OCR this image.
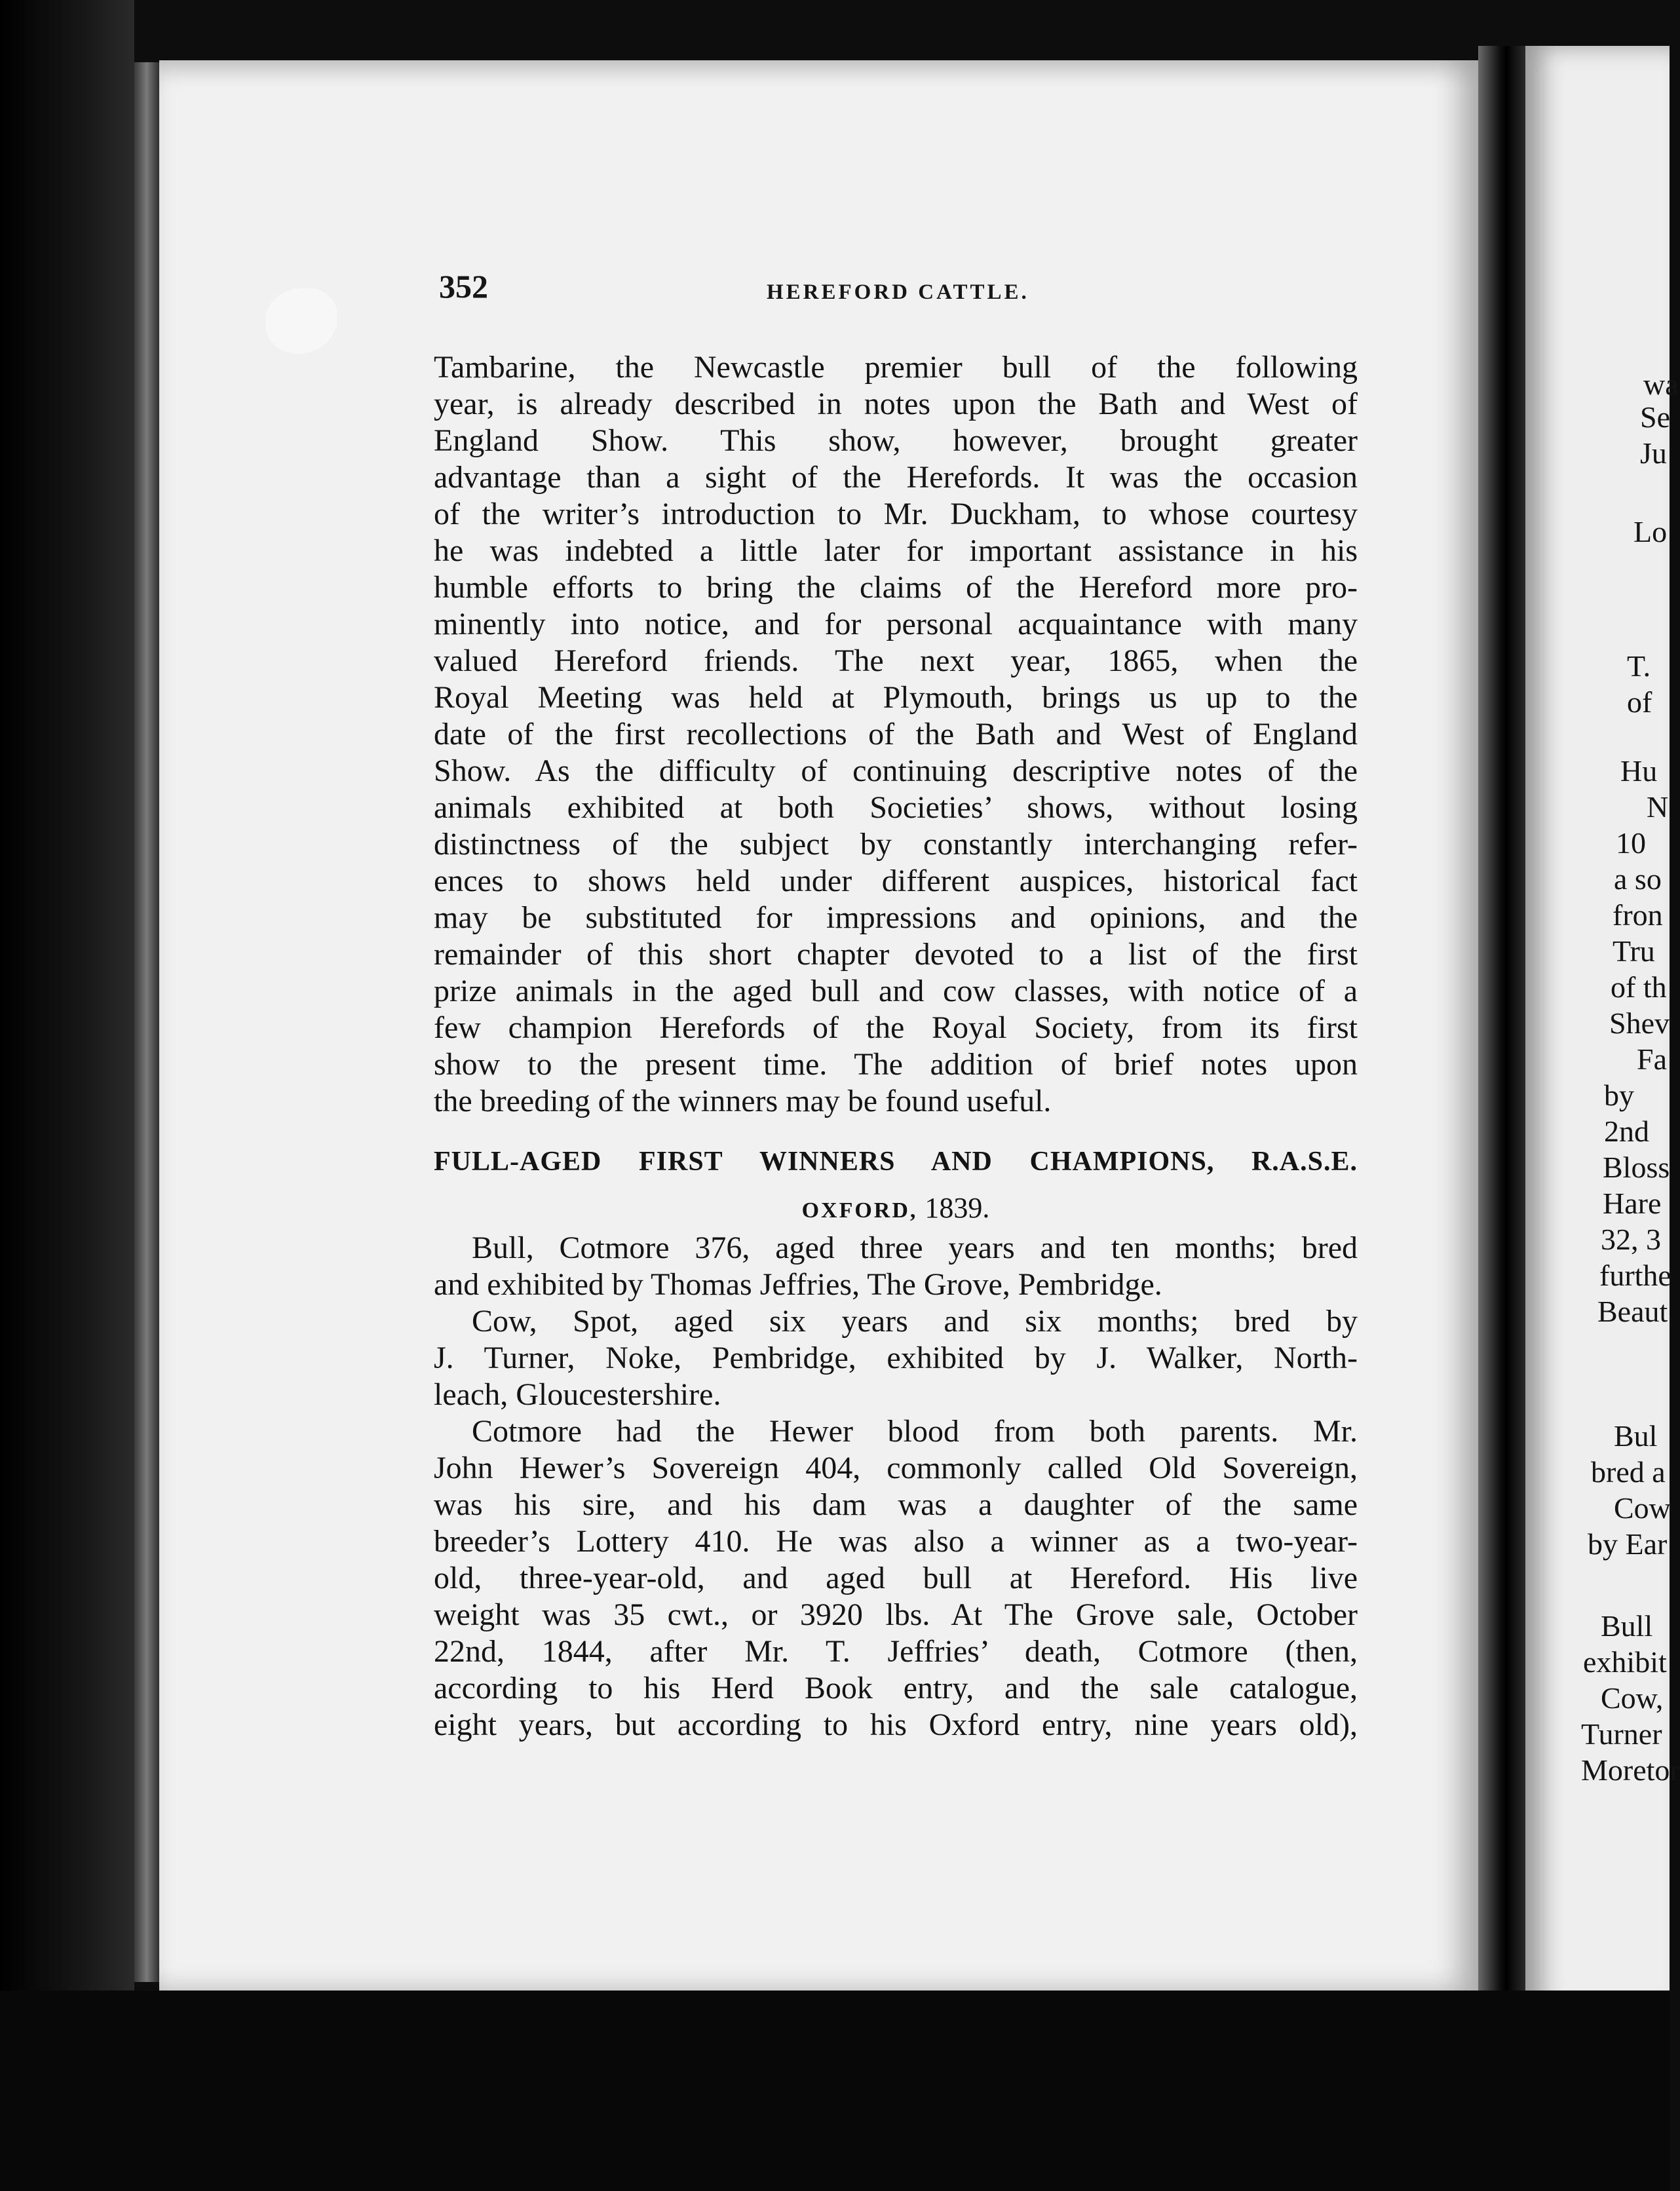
352	HEREFORD CATTLE.
Tambarine, the Newcastle premier bull of the following
year, is already described in notes upon the Bath and West of
England Show. This show, however, brought greater
advantage than a sight of the Herefords. It was the occasion
of the writer’s introduction to Mr. Duckham, to whose courtesy
he was indebted a little later for important assistance in his
humble efforts to bring the claims of the Hereford more pro-
minently into notice, and for personal acquaintance with many
valued Hereford friends. The next year, 1865, when the
Royal Meeting was held at Plymouth, brings us up to the
date of the first recollections of the Bath and West of England
Show. As the difficulty of continuing descriptive notes of the
animals exhibited at both Societies’ shows, without losing
distinctness of the subject by constantly interchanging refer-
ences to shows held under different auspices, historical fact
may be substituted for impressions and opinions, and the
remainder of this short chapter devoted to a list of the first
prize animals in the aged bull and cow classes, with notice of a
few champion Herefords of the Royal Society, from its first
show to the present time. The addition of brief notes upon
the breeding of the winners may be found useful.
FULL-AGED FIRST WINNERS AND CHAMPIONS, R.A.S.E.
OXFORD, 1839.
Bull, Cotmore 376, aged three years and ten months; bred
and exhibited by Thomas Jeffries, The Grove, Pembridge.
Cow, Spot, aged six years and six months; bred by
J. Turner, Noke, Pembridge, exhibited by J. Walker, North-
leach, Gloucestershire.
Cotmore had the Hewer blood from both parents. Mr.
John Hewer’s Sovereign 404, commonly called Old Sovereign,
was his sire, and his dam was a daughter of the same
breeder’s Lottery 410. He was also a winner as a two-year-
old, three-year-old, and aged bull at Hereford. His live
weight was 35 cwt., or 3920 lbs. At The Grove sale, October
22nd, 1844, after Mr. T. Jeffries’ death, Cotmore (then,
according to his Herd Book entry, and the sale catalogue,
eight years, but according to his Oxford entry, nine years old),
wa
Se
Ju
Lo
T.
of
Hu
N
10
a so
fron
Tru
of th
Shev
Fa
by
2nd
Bloss
Hare
32, 3
furthe
Beaut
Bul
bred a
Cow
by Ear
Bull
exhibit
Cow,
Turner
Moretor
